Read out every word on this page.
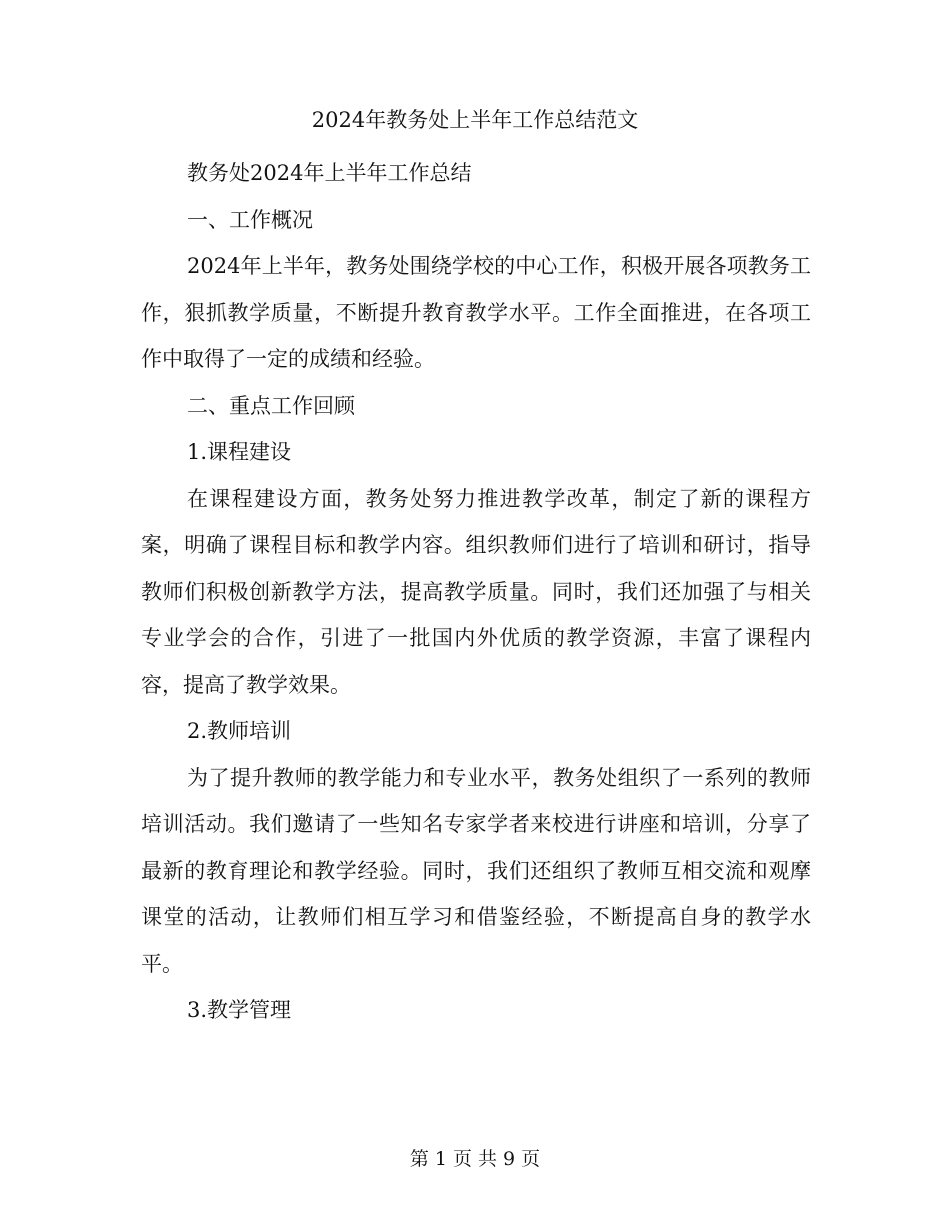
2024年教务处上半年工作总结范文

教务处2024年上半年工作总结

一、工作概况

2024年上半年，教务处围绕学校的中心工作，积极开展各项教务工作，狠抓教学质量，不断提升教育教学水平。工作全面推进，在各项工作中取得了一定的成绩和经验。

二、重点工作回顾

1.课程建设

在课程建设方面，教务处努力推进教学改革，制定了新的课程方案，明确了课程目标和教学内容。组织教师们进行了培训和研讨，指导教师们积极创新教学方法，提高教学质量。同时，我们还加强了与相关专业学会的合作，引进了一批国内外优质的教学资源，丰富了课程内容，提高了教学效果。

2.教师培训

为了提升教师的教学能力和专业水平，教务处组织了一系列的教师培训活动。我们邀请了一些知名专家学者来校进行讲座和培训，分享了最新的教育理论和教学经验。同时，我们还组织了教师互相交流和观摩课堂的活动，让教师们相互学习和借鉴经验，不断提高自身的教学水平。

3.教学管理

第 1 页 共 9 页
